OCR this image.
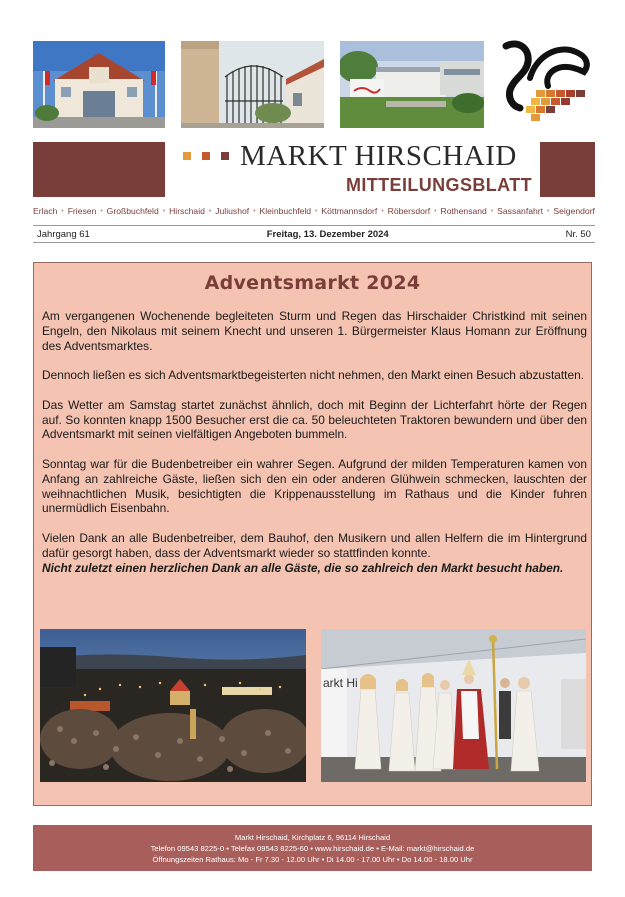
MARKT HIRSCHAID
MITTEILUNGSBLATT
Erlach • Friesen • Großbuchfeld • Hirschaid • Juliushof • Kleinbuchfeld • Köttmannsdorf • Röbersdorf • Rothensand • Sassanfahrt • Seigendorf
Jahrgang 61	Freitag, 13. Dezember 2024	Nr. 50
Adventsmarkt 2024

Am vergangenen Wochenende begleiteten Sturm und Regen das Hirschaider Christkind mit seinen Engeln, den Nikolaus mit seinem Knecht und unseren 1. Bürgermeister Klaus Homann zur Eröffnung des Adventsmarktes.

Dennoch ließen es sich Adventsmarktbegeisterten nicht nehmen, den Markt einen Besuch abzustatten.

Das Wetter am Samstag startet zunächst ähnlich, doch mit Beginn der Lichterfahrt hörte der Regen auf. So konnten knapp 1500 Besucher erst die ca. 50 beleuchteten Traktoren bewundern und über den Adventsmarkt mit seinen vielfältigen Angeboten bummeln.

Sonntag war für die Budenbetreiber ein wahrer Segen. Aufgrund der milden Temperaturen kamen von Anfang an zahlreiche Gäste, ließen sich den ein oder anderen Glühwein schmecken, lauschten der weihnachtlichen Musik, besichtigten die Krippenausstellung im Rathaus und die Kinder fuhren unermüdlich Eisenbahn.

Vielen Dank an alle Budenbetreiber, dem Bauhof, den Musikern und allen Helfern die im Hintergrund dafür gesorgt haben, dass der Adventsmarkt wieder so stattfinden konnte.

Nicht zuletzt einen herzlichen Dank an alle Gäste, die so zahlreich den Markt besucht haben.

arkt Hi
Markt Hirschaid, Kirchplatz 6, 96114 Hirschaid
Telefon 09543 8225-0 • Telefax 09543 8225-60 • www.hirschaid.de • E-Mail: markt@hirschaid.de
Öffnungszeiten Rathaus: Mo - Fr 7.30 - 12.00 Uhr • Di 14.00 - 17.00 Uhr • Do 14.00 - 18.00 Uhr
